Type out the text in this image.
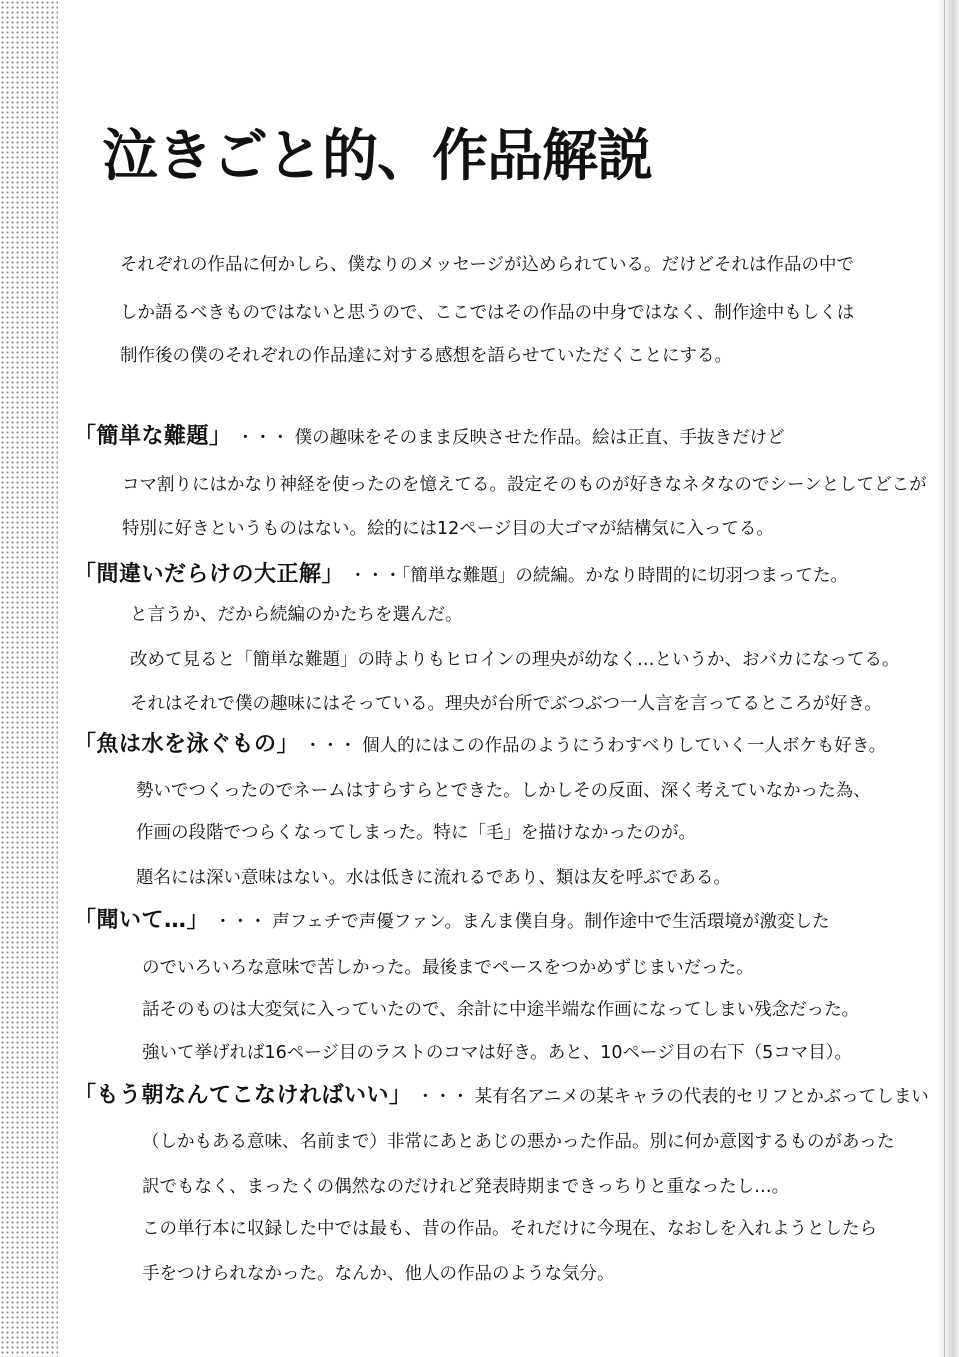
泣きごと的、作品解説
それぞれの作品に何かしら、僕なりのメッセージが込められている。だけどそれは作品の中で
しか語るべきものではないと思うので、ここではその作品の中身ではなく、制作途中もしくは
制作後の僕のそれぞれの作品達に対する感想を語らせていただくことにする。
「簡単な難題」 ・・・ 僕の趣味をそのまま反映させた作品。絵は正直、手抜きだけど
コマ割りにはかなり神経を使ったのを憶えてる。設定そのものが好きなネタなのでシーンとしてどこが
特別に好きというものはない。絵的には12ページ目の大ゴマが結構気に入ってる。
「間違いだらけの大正解」 ・・・「簡単な難題」の続編。かなり時間的に切羽つまってた。
と言うか、だから続編のかたちを選んだ。
改めて見ると「簡単な難題」の時よりもヒロインの理央が幼なく…というか、おバカになってる。
それはそれで僕の趣味にはそっている。理央が台所でぶつぶつ一人言を言ってるところが好き。
「魚は水を泳ぐもの」 ・・・ 個人的にはこの作品のようにうわすべりしていく一人ボケも好き。
勢いでつくったのでネームはすらすらとできた。しかしその反面、深く考えていなかった為、
作画の段階でつらくなってしまった。特に「毛」を描けなかったのが。
題名には深い意味はない。水は低きに流れるであり、類は友を呼ぶである。
「聞いて…」 ・・・ 声フェチで声優ファン。まんま僕自身。制作途中で生活環境が激変した
のでいろいろな意味で苦しかった。最後までペースをつかめずじまいだった。
話そのものは大変気に入っていたので、余計に中途半端な作画になってしまい残念だった。
強いて挙げれば16ページ目のラストのコマは好き。あと、10ページ目の右下（5コマ目）。
「もう朝なんてこなければいい」 ・・・ 某有名アニメの某キャラの代表的セリフとかぶってしまい
（しかもある意味、名前まで）非常にあとあじの悪かった作品。別に何か意図するものがあった
訳でもなく、まったくの偶然なのだけれど発表時期まできっちりと重なったし…。
この単行本に収録した中では最も、昔の作品。それだけに今現在、なおしを入れようとしたら
手をつけられなかった。なんか、他人の作品のような気分。
